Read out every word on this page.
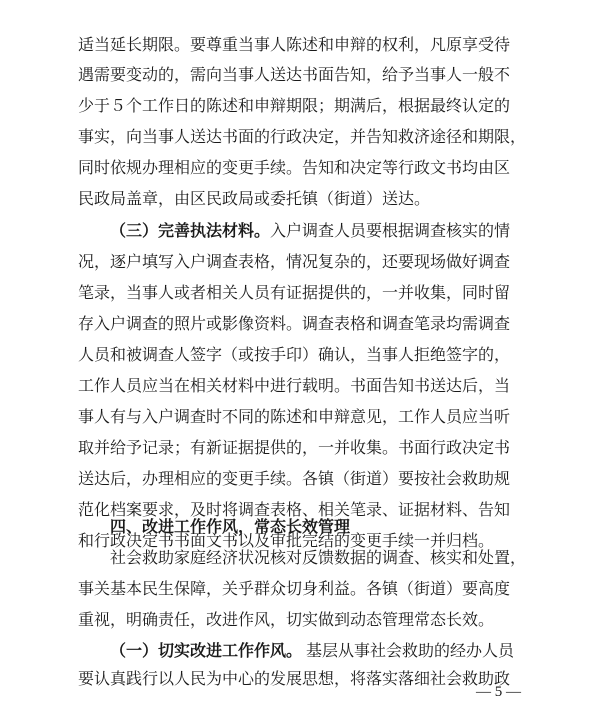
适当延长期限。要尊重当事人陈述和申辩的权利，凡原享受待
遇需要变动的，需向当事人送达书面告知，给予当事人一般不
少于５个工作日的陈述和申辩期限；期满后，根据最终认定的
事实，向当事人送达书面的行政决定，并告知救济途径和期限，
同时依规办理相应的变更手续。告知和决定等行政文书均由区
民政局盖章，由区民政局或委托镇（街道）送达。
（三）完善执法材料。 入户调查人员要根据调查核实的情
况，逐户填写入户调查表格，情况复杂的，还要现场做好调查
笔录，当事人或者相关人员有证据提供的，一并收集，同时留
存入户调查的照片或影像资料。调查表格和调查笔录均需调查
人员和被调查人签字（或按手印）确认，当事人拒绝签字的，
工作人员应当在相关材料中进行载明。书面告知书送达后，当
事人有与入户调查时不同的陈述和申辩意见，工作人员应当听
取并给予记录；有新证据提供的，一并收集。书面行政决定书
送达后，办理相应的变更手续。各镇（街道）要按社会救助规
范化档案要求，及时将调查表格、相关笔录、证据材料、告知
和行政决定书书面文书以及审批完结的变更手续一并归档。
四、改进工作作风，常态长效管理
社会救助家庭经济状况核对反馈数据的调查、核实和处置，
事关基本民生保障，关乎群众切身利益。各镇（街道）要高度
重视，明确责任，改进作风，切实做到动态管理常态长效。
（一）切实改进工作作风。 基层从事社会救助的经办人员
要认真践行以人民为中心的发展思想，将落实落细社会救助政
— 5 —
